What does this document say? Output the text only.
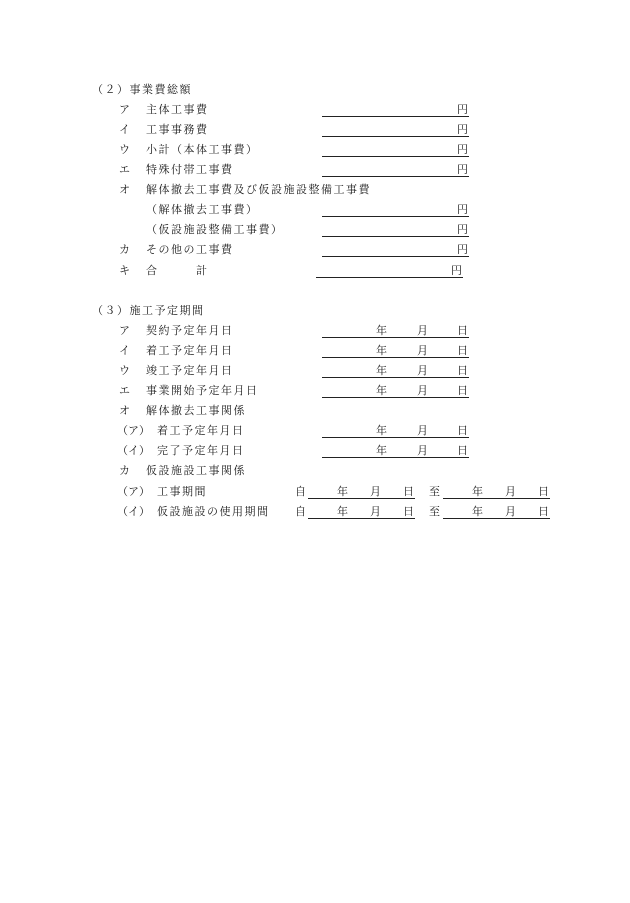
（２）事業費総額
ア 主体工事費	円
イ 工事事務費	円
ウ 小計（本体工事費）	円
エ 特殊付帯工事費	円
オ 解体撤去工事費及び仮設施設整備工事費
（解体撤去工事費）	円
（仮設施設整備工事費）	円
カ その他の工事費	円
キ 合　　　計	円
（３）施工予定期間
ア 契約予定年月日	年	月	日
イ 着工予定年月日	年	月	日
ウ 竣工予定年月日	年	月	日
エ 事業開始予定年月日	年	月	日
オ 解体撤去工事関係
（ア） 着工予定年月日	年	月	日
（イ） 完了予定年月日	年	月	日
カ 仮設施設工事関係
（ア） 工事期間	自	年 月 日 至	年 月 日
（イ） 仮設施設の使用期間 自	年 月 日 至	年 月 日
